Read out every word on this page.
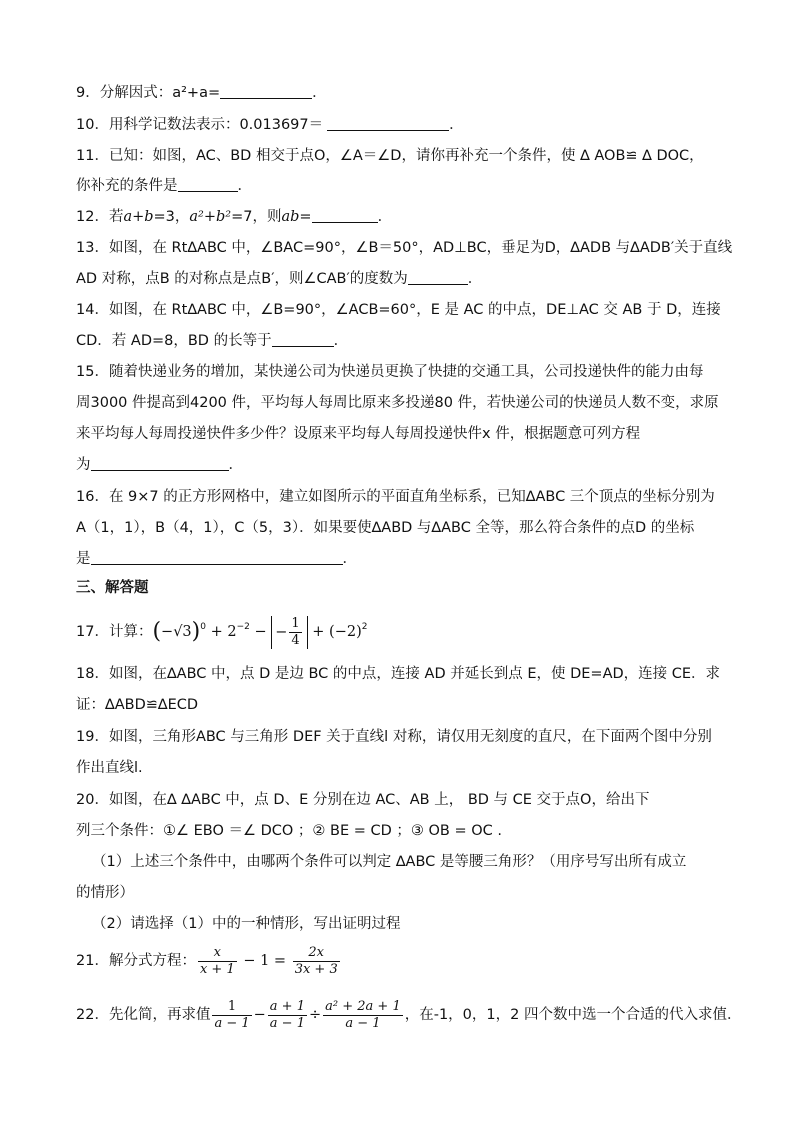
9．分解因式：a²+a=	．
10．用科学记数法表示：0.013697＝	．
11．已知：如图，AC、BD 相交于点O，∠A＝∠D，请你再补充一个条件，使 ∆ AOB≌ ∆ DOC，
你补充的条件是	．
12．若a+b=3，a²+b²=7，则ab=	．
13．如图，在 Rt∆ABC 中，∠BAC=90°，∠B＝50°，AD⊥BC，垂足为D，∆ADB 与∆ADB′关于直线
AD 对称，点B 的对称点是点B′，则∠CAB′的度数为	．
14．如图，在 Rt∆ABC 中，∠B=90°，∠ACB=60°，E 是 AC 的中点，DE⊥AC 交 AB 于 D，连接
CD．若 AD=8，BD 的长等于	．
15．随着快递业务的增加，某快递公司为快递员更换了快捷的交通工具，公司投递快件的能力由每
周3000 件提高到4200 件，平均每人每周比原来多投递80 件，若快递公司的快递员人数不变，求原
来平均每人每周投递快件多少件？设原来平均每人每周投递快件x 件，根据题意可列方程
为	．
16．在 9×7 的正方形网格中，建立如图所示的平面直角坐标系，已知∆ABC 三个顶点的坐标分别为
A（1，1），B（4，1），C（5，3）．如果要使∆ABD 与∆ABC 全等，那么符合条件的点D 的坐标
是	．
三、解答题
17．计算：$(-√3)^0 + 2^{-2}$ − − $\frac{1}{4} + (-2)^2$
18．如图，在∆ABC 中，点 D 是边 BC 的中点，连接 AD 并延长到点 E，使 DE=AD，连接 CE．求
证：∆ABD≌∆ECD
19．如图，三角形ABC 与三角形 DEF 关于直线l 对称，请仅用无刻度的直尺，在下面两个图中分别
作出直线l.
20．如图，在∆ ∆ABC 中，点 D、E 分别在边 AC、AB 上， BD 与 CE 交于点O，给出下
列三个条件：①∠ EBO ＝∠ DCO ；② BE = CD ；③ OB = OC .
（1）上述三个条件中，由哪两个条件可以判定 ∆ABC 是等腰三角形？（用序号写出所有成立
的情形）
（2）请选择（1）中的一种情形，写出证明过程
21．解分式方程： $\frac{x}{x + 1} - 1 = \frac{2x}{3x + 3}$
22．先化简，再求值 $\frac{1}{a - 1} - \frac{a + 1}{a - 1} \div \frac{\text{a² + 2a + 1}}{a - 1}$ ，在-1，0，1，2 四个数中选一个合适的代入求值．
